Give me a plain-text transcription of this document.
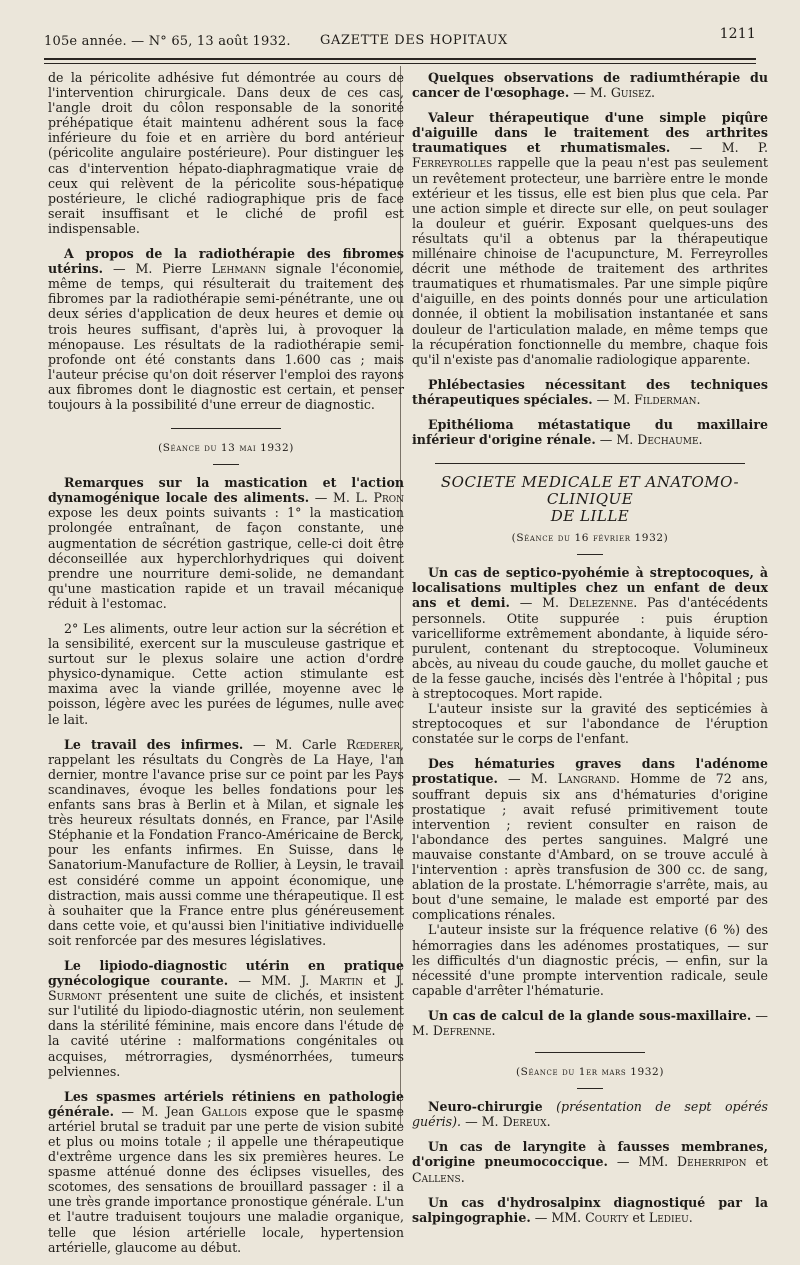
105e année. — N° 65, 13 août 1932. GAZETTE DES HOPITAUX	1211

de la péricolite adhésive fut démontrée au cours de l'intervention chirurgicale. Dans deux de ces cas, l'angle droit du côlon responsable de la sonorité préhépatique était maintenu adhérent sous la face inférieure du foie et en arrière du bord antérieur (péricolite angulaire postérieure). Pour distinguer les cas d'intervention hépato-diaphragmatique vraie de ceux qui relèvent de la péricolite sous-hépatique postérieure, le cliché radiographique pris de face serait insuffisant et le cliché de profil est indispensable.

A propos de la radiothérapie des fibromes utérins. — M. Pierre Lehmann signale l'économie, même de temps, qui résulterait du traitement des fibromes par la radiothérapie semi-pénétrante, une ou deux séries d'application de deux heures et demie ou trois heures suffisant, d'après lui, à provoquer la ménopause. Les résultats de la radiothérapie semi-profonde ont été constants dans 1.600 cas ; mais l'auteur précise qu'on doit réserver l'emploi des rayons aux fibromes dont le diagnostic est certain, et penser toujours à la possibilité d'une erreur de diagnostic.

(Séance du 13 mai 1932)

Remarques sur la mastication et l'action dynamogénique locale des aliments. — M. L. Pron expose les deux points suivants : 1° la mastication prolongée entraînant, de façon constante, une augmentation de sécrétion gastrique, celle-ci doit être déconseillée aux hyperchlorhydriques qui doivent prendre une nourriture demi-solide, ne demandant qu'une mastication rapide et un travail mécanique réduit à l'estomac.

2° Les aliments, outre leur action sur la sécrétion et la sensibilité, exercent sur la musculeuse gastrique et surtout sur le plexus solaire une action d'ordre physico-dynamique. Cette action stimulante est maxima avec la viande grillée, moyenne avec le poisson, légère avec les purées de légumes, nulle avec le lait.

Le travail des infirmes. — M. Carle Rœderer, rappelant les résultats du Congrès de La Haye, l'an dernier, montre l'avance prise sur ce point par les Pays scandinaves, évoque les belles fondations pour les enfants sans bras à Berlin et à Milan, et signale les très heureux résultats donnés, en France, par l'Asile Stéphanie et la Fondation Franco-Américaine de Berck, pour les enfants infirmes. En Suisse, dans le Sanatorium-Manufacture de Rollier, à Leysin, le travail est considéré comme un appoint économique, une distraction, mais aussi comme une thérapeutique. Il est à souhaiter que la France entre plus généreusement dans cette voie, et qu'aussi bien l'initiative individuelle soit renforcée par des mesures législatives.

Le lipiodo-diagnostic utérin en pratique gynécologique courante. — MM. J. Martin et J. Surmont présentent une suite de clichés, et insistent sur l'utilité du lipiodo-diagnostic utérin, non seulement dans la stérilité féminine, mais encore dans l'étude de la cavité utérine : malformations congénitales ou acquises, métrorragies, dysménorrhées, tumeurs pelviennes.

Les spasmes artériels rétiniens en pathologie générale. — M. Jean Gallois expose que le spasme artériel brutal se traduit par une perte de vision subite et plus ou moins totale ; il appelle une thérapeutique d'extrême urgence dans les six premières heures. Le spasme atténué donne des éclipses visuelles, des scotomes, des sensations de brouillard passager : il a une très grande importance pronostique générale. L'un et l'autre traduisent toujours une maladie organique, telle que lésion artérielle locale, hypertension artérielle, glaucome au début.

Quelques observations de radiumthérapie du cancer de l'œsophage. — M. Guisez.

Valeur thérapeutique d'une simple piqûre d'aiguille dans le traitement des arthrites traumatiques et rhumatismales. — M. P. Ferreyrolles rappelle que la peau n'est pas seulement un revêtement protecteur, une barrière entre le monde extérieur et les tissus, elle est bien plus que cela. Par une action simple et directe sur elle, on peut soulager la douleur et guérir. Exposant quelques-uns des résultats qu'il a obtenus par la thérapeutique millénaire chinoise de l'acupuncture, M. Ferreyrolles décrit une méthode de traitement des arthrites traumatiques et rhumatismales. Par une simple piqûre d'aiguille, en des points donnés pour une articulation donnée, il obtient la mobilisation instantanée et sans douleur de l'articulation malade, en même temps que la récupération fonctionnelle du membre, chaque fois qu'il n'existe pas d'anomalie radiologique apparente.

Phlébectasies nécessitant des techniques thérapeutiques spéciales. — M. Filderman.

Epithélioma métastatique du maxillaire inférieur d'origine rénale. — M. Dechaume.

SOCIETE MEDICALE ET ANATOMO-CLINIQUE

DE LILLE

(Séance du 16 février 1932)

Un cas de septico-pyohémie à streptocoques, à localisations multiples chez un enfant de deux ans et demi. — M. Delezenne. Pas d'antécédents personnels. Otite suppurée : puis éruption varicelliforme extrêmement abondante, à liquide séro-purulent, contenant du streptocoque. Volumineux abcès, au niveau du coude gauche, du mollet gauche et de la fesse gauche, incisés dès l'entrée à l'hôpital ; pus à streptocoques. Mort rapide.

L'auteur insiste sur la gravité des septicémies à streptocoques et sur l'abondance de l'éruption constatée sur le corps de l'enfant.

Des hématuries graves dans l'adénome prostatique. — M. Langrand. Homme de 72 ans, souffrant depuis six ans d'hématuries d'origine prostatique ; avait refusé primitivement toute intervention ; revient consulter en raison de l'abondance des pertes sanguines. Malgré une mauvaise constante d'Ambard, on se trouve acculé à l'intervention : après transfusion de 300 cc. de sang, ablation de la prostate. L'hémorragie s'arrête, mais, au bout d'une semaine, le malade est emporté par des complications rénales.

L'auteur insiste sur la fréquence relative (6 %) des hémorragies dans les adénomes prostatiques, — sur les difficultés d'un diagnostic précis, — enfin, sur la nécessité d'une prompte intervention radicale, seule capable d'arrêter l'hématurie.

Un cas de calcul de la glande sous-maxillaire. — M. Defrenne.

(Séance du 1er mars 1932)

Neuro-chirurgie (présentation de sept opérés guéris). — M. Dereux.

Un cas de laryngite à fausses membranes, d'origine pneumococcique. — MM. Deherripon et Callens.

Un cas d'hydrosalpinx diagnostiqué par la salpingographie. — MM. Courty et Ledieu.
